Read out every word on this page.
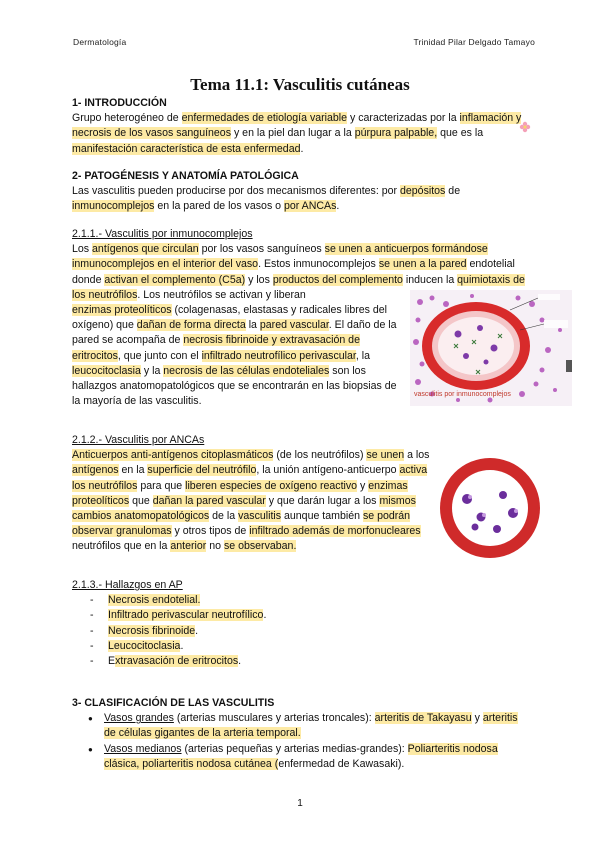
Dermatología	Trinidad Pilar Delgado Tamayo
Tema 11.1: Vasculitis cutáneas
1- INTRODUCCIÓN
Grupo heterogéneo de enfermedades de etiología variable y caracterizadas por la inflamación y necrosis de los vasos sanguíneos y en la piel dan lugar a la púrpura palpable, que es la manifestación característica de esta enfermedad.
2- PATOGÉNESIS Y ANATOMÍA PATOLÓGICA
Las vasculitis pueden producirse por dos mecanismos diferentes: por depósitos de inmunocomplejos en la pared de los vasos o por ANCAs.
2.1.1.- Vasculitis por inmunocomplejos
Los antígenos que circulan por los vasos sanguíneos se unen a anticuerpos formándose inmunocomplejos en el interior del vaso. Estos inmunocomplejos se unen a la pared endotelial donde activan el complemento (C5a) y los productos del complemento inducen la quimiotaxis de los neutrófilos. Los neutrófilos se activan y liberan
enzimas proteolíticos (colagenasas, elastasas y radicales libres del oxígeno) que dañan de forma directa la pared vascular. El daño de la pared se acompaña de necrosis fibrinoide y extravasación de eritrocitos, que junto con el infiltrado neutrofílico perivascular, la leucocitoclasia y la necrosis de las células endoteliales son los hallazgos anatomopatológicos que se encontrarán en las biopsias de la mayoría de las vasculitis.
vasculitis por inmunocomplejos
2.1.2.- Vasculitis por ANCAs
Anticuerpos anti-antígenos citoplasmáticos (de los neutrófilos) se unen a los antígenos en la superficie del neutrófilo, la unión antígeno-anticuerpo activa los neutrófilos para que liberen especies de oxígeno reactivo y enzimas proteolíticos que dañan la pared vascular y que darán lugar a los mismos cambios anatomopatológicos de la vasculitis aunque también se podrán observar granulomas y otros tipos de infiltrado además de morfonucleares neutrófilos que en la anterior no se observaban.
2.1.3.- Hallazgos en AP
- Necrosis endotelial.
- Infiltrado perivascular neutrofílico.
- Necrosis fibrinoide.
- Leucocitoclasia.
- Extravasación de eritrocitos.
3- CLASIFICACIÓN DE LAS VASCULITIS
● Vasos grandes (arterias musculares y arterias troncales): arteritis de Takayasu y arteritis de células gigantes de la arteria temporal.
● Vasos medianos (arterias pequeñas y arterias medias-grandes): Poliarteritis nodosa clásica, poliarteritis nodosa cutánea (enfermedad de Kawasaki).
1
